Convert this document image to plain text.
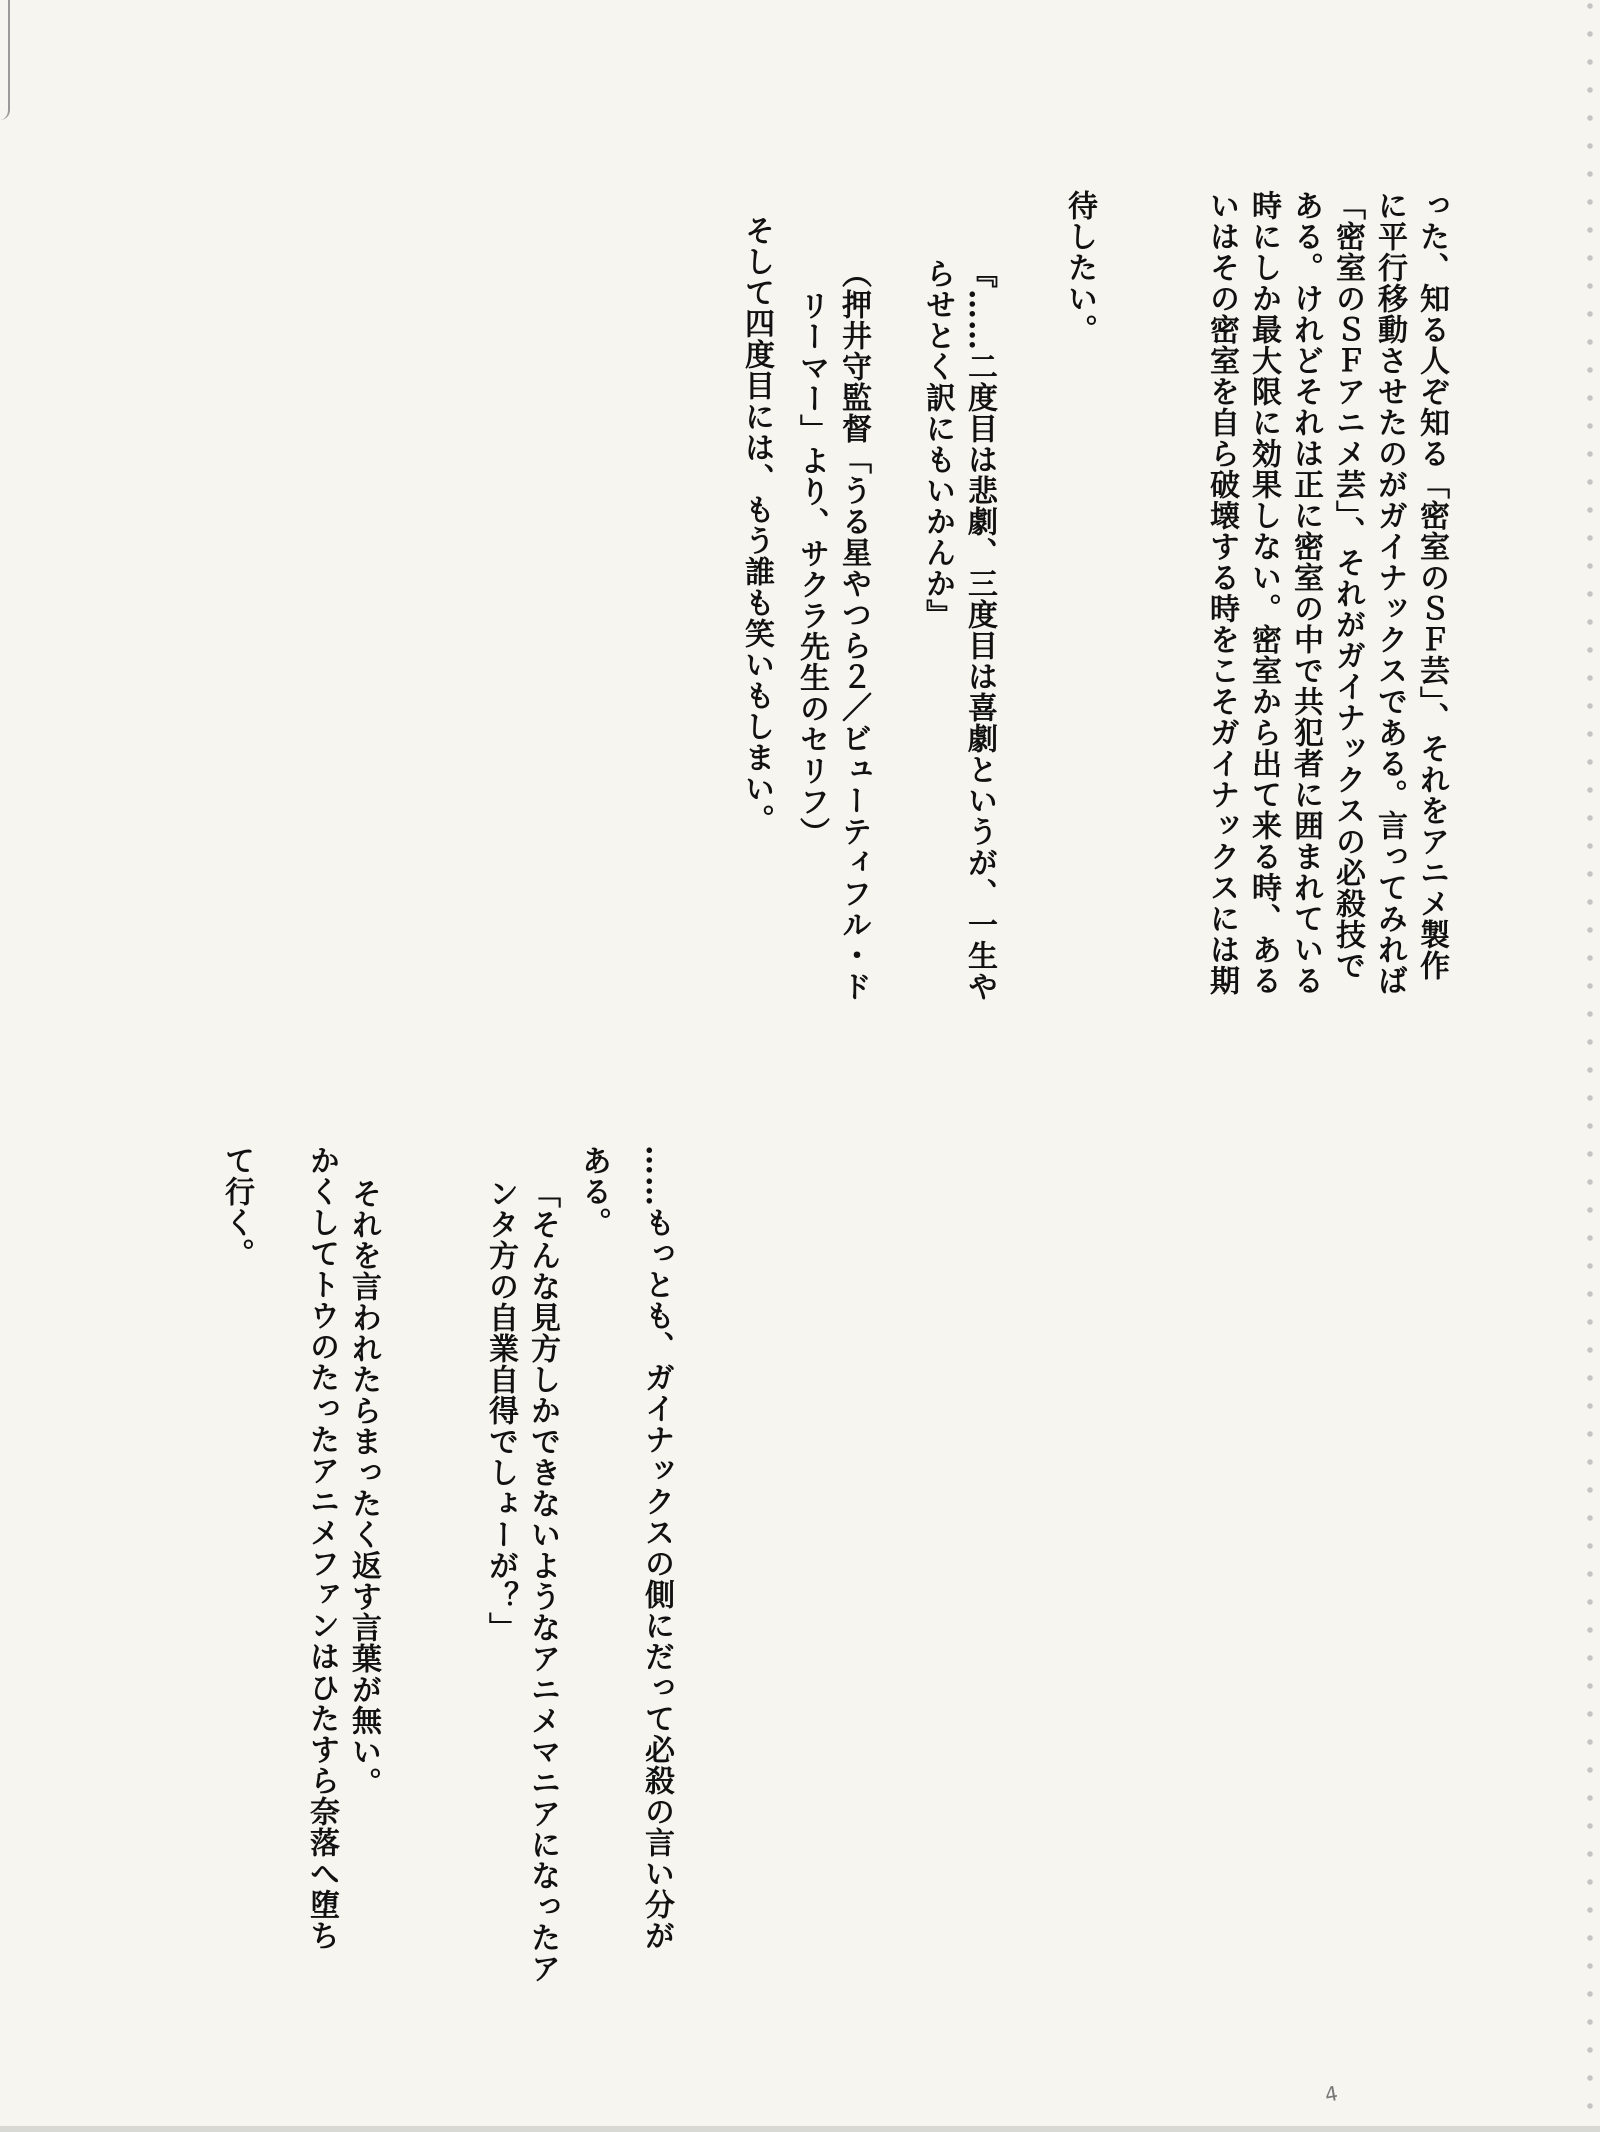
った、知る人ぞ知る「密室のＳＦ芸」、それをアニメ製作
に平行移動させたのがガイナックスである。言ってみれば
「密室のＳＦアニメ芸」、それがガイナックスの必殺技で
ある。けれどそれは正に密室の中で共犯者に囲まれている
時にしか最大限に効果しない。密室から出て来る時、ある
いはその密室を自ら破壊する時をこそガイナックスには期
待したい。
『……二度目は悲劇、三度目は喜劇というが、一生や
らせとく訳にもいかんか』
（押井守監督「うる星やつら２／ビューティフル・ド
リーマー」より、サクラ先生のセリフ）
そして四度目には、もう誰も笑いもしまい。
……もっとも、ガイナックスの側にだって必殺の言い分が
ある。
「そんな見方しかできないようなアニメマニアになったア
ンタ方の自業自得でしょーが？」
それを言われたらまったく返す言葉が無い。
かくしてトウのたったアニメファンはひたすら奈落へ堕ち
て行く。
4
